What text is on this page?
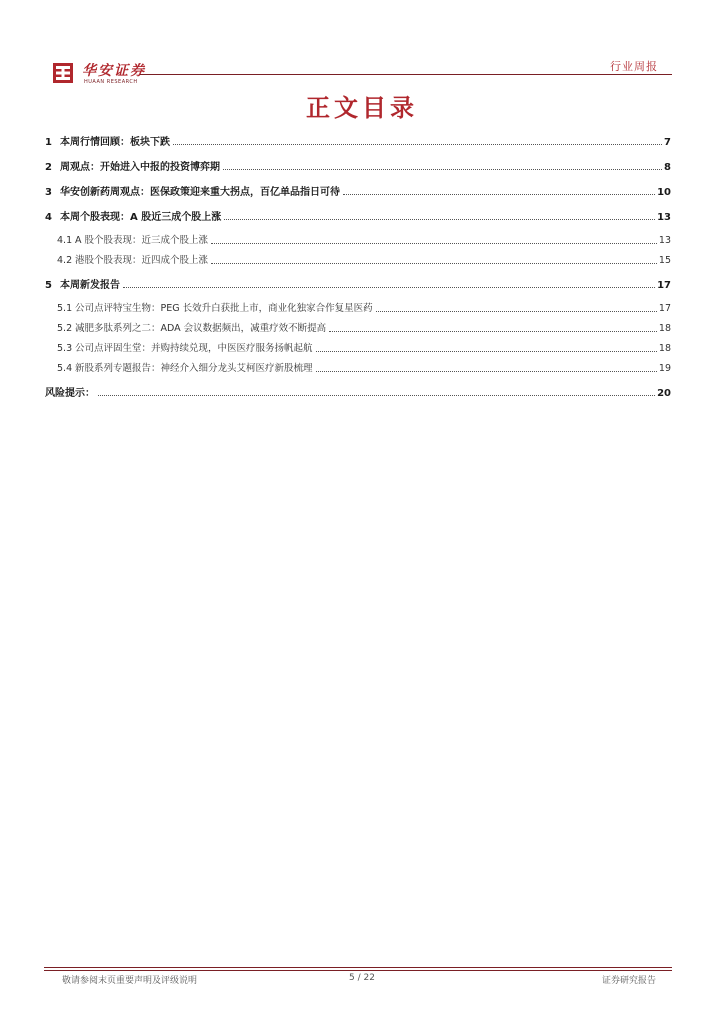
华安证券
HUAAN RESEARCH
行业周报
正文目录
1 本周行情回顾：板块下跌	7
2 周观点：开始进入中报的投资博弈期	8
3 华安创新药周观点：医保政策迎来重大拐点，百亿单品指日可待	10
4 本周个股表现：A 股近三成个股上涨	13
4.1 A 股个股表现：近三成个股上涨	13
4.2 港股个股表现：近四成个股上涨	15
5 本周新发报告	17
5.1 公司点评特宝生物：PEG 长效升白获批上市，商业化独家合作复星医药	17
5.2 减肥多肽系列之二：ADA 会议数据频出，减重疗效不断提高	18
5.3 公司点评固生堂：并购持续兑现，中医医疗服务扬帆起航	18
5.4 新股系列专题报告：神经介入细分龙头艾柯医疗新股梳理	19
风险提示：	20
敬请参阅末页重要声明及评级说明	5 / 22	证券研究报告
